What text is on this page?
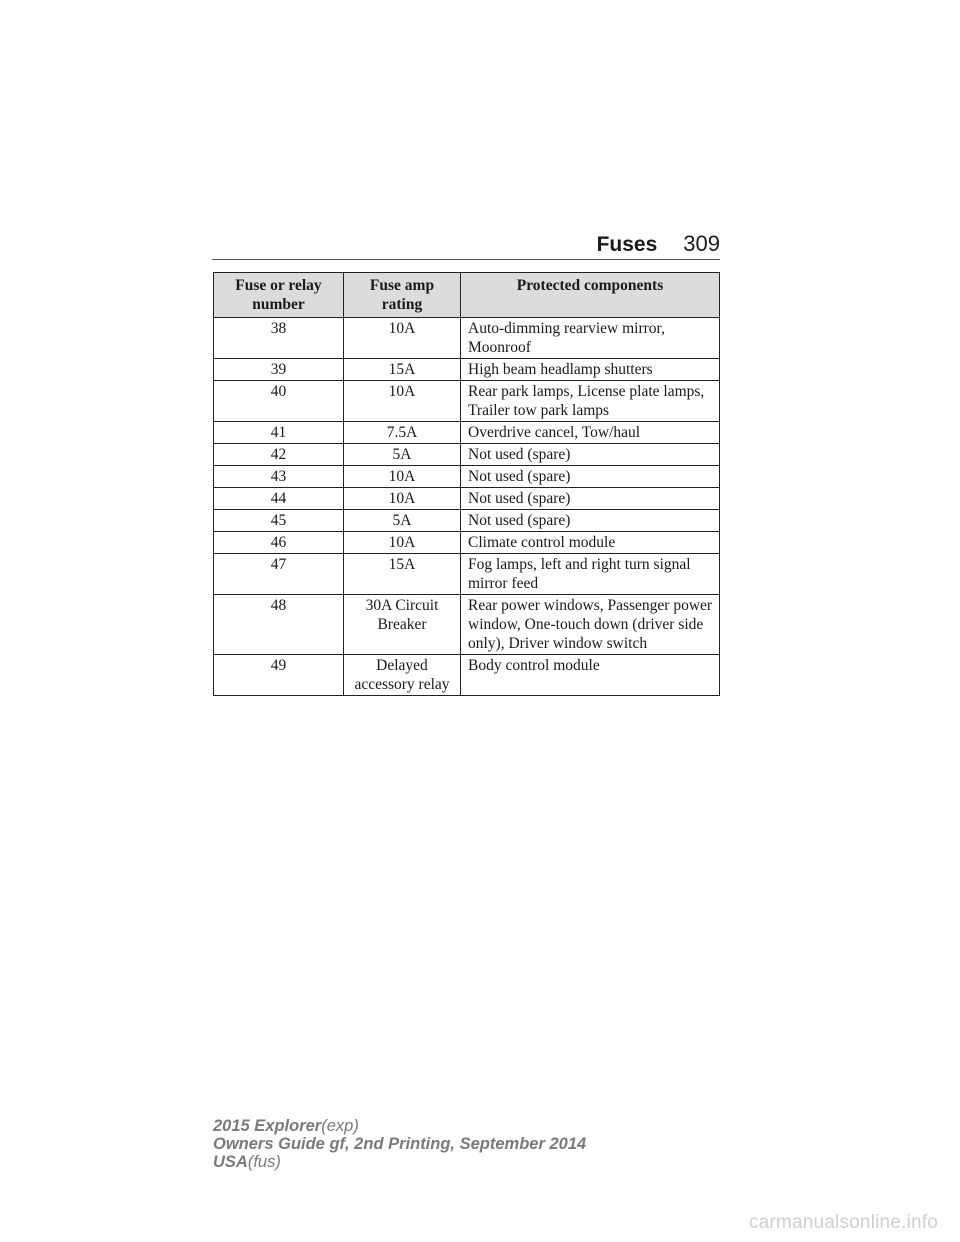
Fuses 309
Fuse or relay number	Fuse amp rating	Protected components
38	10A	Auto-dimming rearview mirror, Moonroof
39	15A	High beam headlamp shutters
40	10A	Rear park lamps, License plate lamps, Trailer tow park lamps
41	7.5A	Overdrive cancel, Tow/haul
42	5A	Not used (spare)
43	10A	Not used (spare)
44	10A	Not used (spare)
45	5A	Not used (spare)
46	10A	Climate control module
47	15A	Fog lamps, left and right turn signal mirror feed
48	30A Circuit Breaker	Rear power windows, Passenger power window, One-touch down (driver side only), Driver window switch
49	Delayed accessory relay	Body control module
2015 Explorer(exp)
Owners Guide gf, 2nd Printing, September 2014
USA(fus)
carmanualsonline.info
